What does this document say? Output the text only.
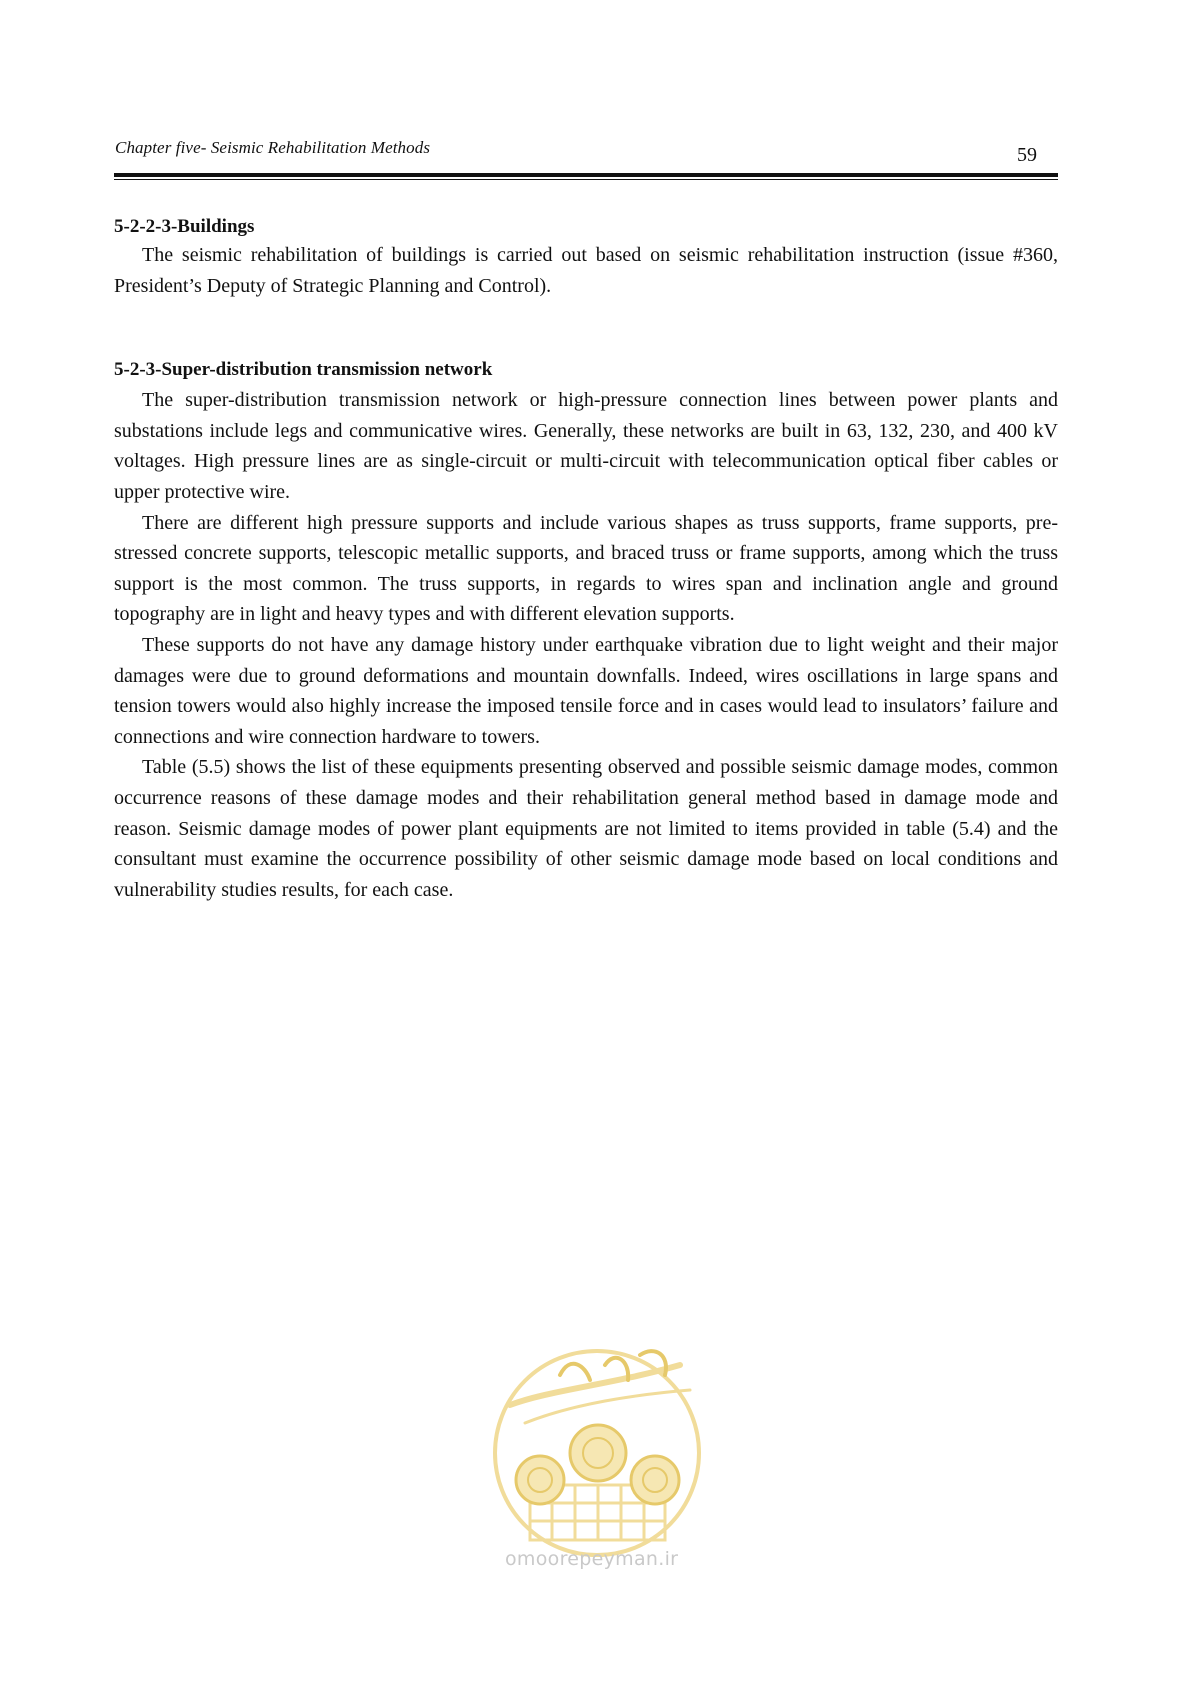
Chapter five- Seismic Rehabilitation Methods	59
5-2-2-3-Buildings

The seismic rehabilitation of buildings is carried out based on seismic rehabilitation instruction (issue #360, President’s Deputy of Strategic Planning and Control).

5-2-3-Super-distribution transmission network

The super-distribution transmission network or high-pressure connection lines between power plants and substations include legs and communicative wires. Generally, these networks are built in 63, 132, 230, and 400 kV voltages. High pressure lines are as single-circuit or multi-circuit with telecommunication optical fiber cables or upper protective wire.

There are different high pressure supports and include various shapes as truss supports, frame supports, pre-stressed concrete supports, telescopic metallic supports, and braced truss or frame supports, among which the truss support is the most common. The truss supports, in regards to wires span and inclination angle and ground topography are in light and heavy types and with different elevation supports.

These supports do not have any damage history under earthquake vibration due to light weight and their major damages were due to ground deformations and mountain downfalls. Indeed, wires oscillations in large spans and tension towers would also highly increase the imposed tensile force and in cases would lead to insulators’ failure and connections and wire connection hardware to towers.

Table (5.5) shows the list of these equipments presenting observed and possible seismic damage modes, common occurrence reasons of these damage modes and their rehabilitation general method based in damage mode and reason. Seismic damage modes of power plant equipments are not limited to items provided in table (5.4) and the consultant must examine the occurrence possibility of other seismic damage mode based on local conditions and vulnerability studies results, for each case.

omoorepeyman.ir
